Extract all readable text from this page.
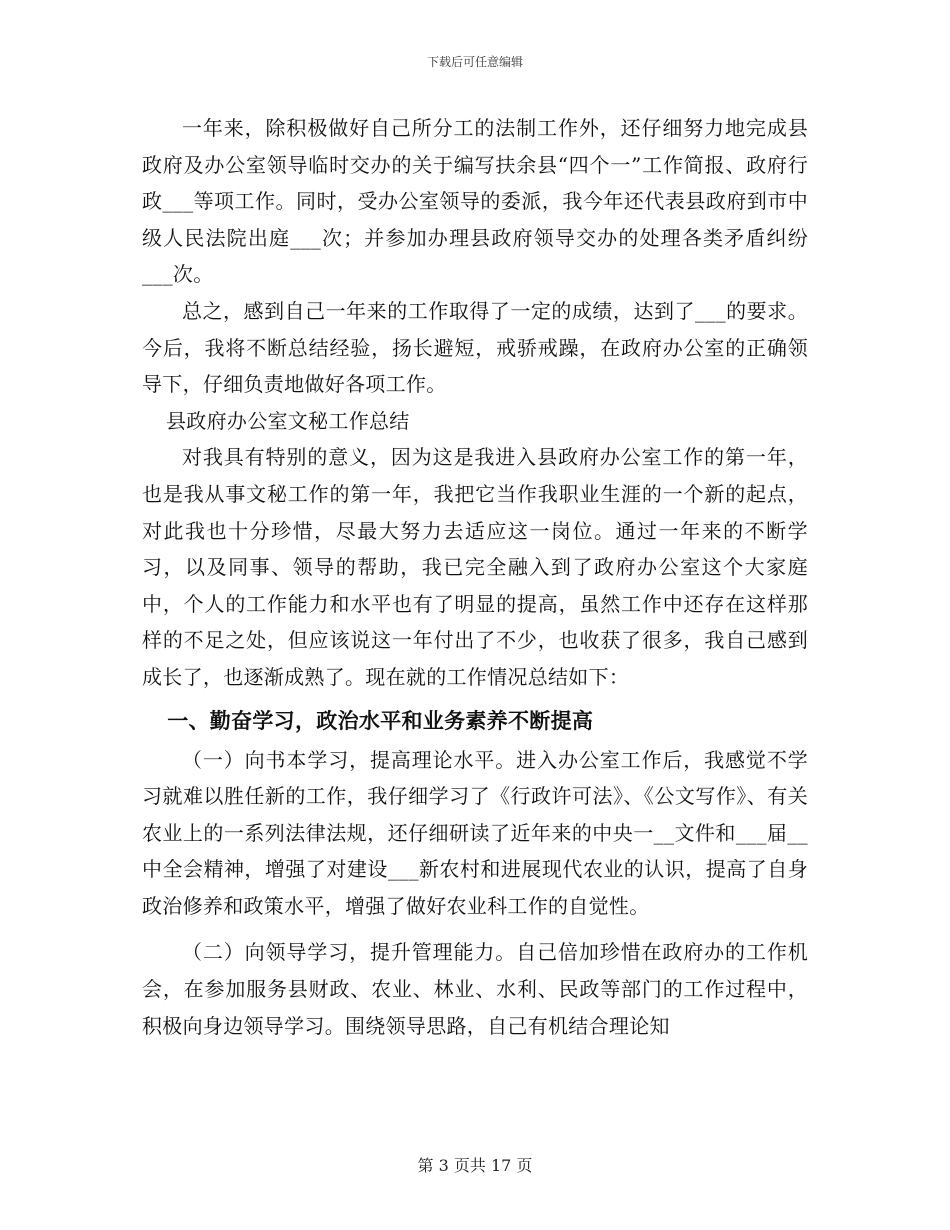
下载后可任意编辑

一年来，除积极做好自己所分工的法制工作外，还仔细努力地完成县政府及办公室领导临时交办的关于编写扶余县“四个一”工作简报、政府行政___等项工作。同时，受办公室领导的委派，我今年还代表县政府到市中级人民法院出庭___次；并参加办理县政府领导交办的处理各类矛盾纠纷___次。

总之，感到自己一年来的工作取得了一定的成绩，达到了___的要求。今后，我将不断总结经验，扬长避短，戒骄戒躁，在政府办公室的正确领导下，仔细负责地做好各项工作。

县政府办公室文秘工作总结

对我具有特别的意义，因为这是我进入县政府办公室工作的第一年，也是我从事文秘工作的第一年，我把它当作我职业生涯的一个新的起点，对此我也十分珍惜，尽最大努力去适应这一岗位。通过一年来的不断学习，以及同事、领导的帮助，我已完全融入到了政府办公室这个大家庭中，个人的工作能力和水平也有了明显的提高，虽然工作中还存在这样那样的不足之处，但应该说这一年付出了不少，也收获了很多，我自己感到成长了，也逐渐成熟了。现在就的工作情况总结如下：

一、勤奋学习，政治水平和业务素养不断提高

（一）向书本学习，提高理论水平。进入办公室工作后，我感觉不学习就难以胜任新的工作，我仔细学习了《行政许可法》、《公文写作》、有关农业上的一系列法律法规，还仔细研读了近年来的中央一__文件和___届__中全会精神，增强了对建设___新农村和进展现代农业的认识，提高了自身政治修养和政策水平，增强了做好农业科工作的自觉性。

（二）向领导学习，提升管理能力。自己倍加珍惜在政府办的工作机会，在参加服务县财政、农业、林业、水利、民政等部门的工作过程中，积极向身边领导学习。围绕领导思路，自己有机结合理论知

第 3 页共 17 页
